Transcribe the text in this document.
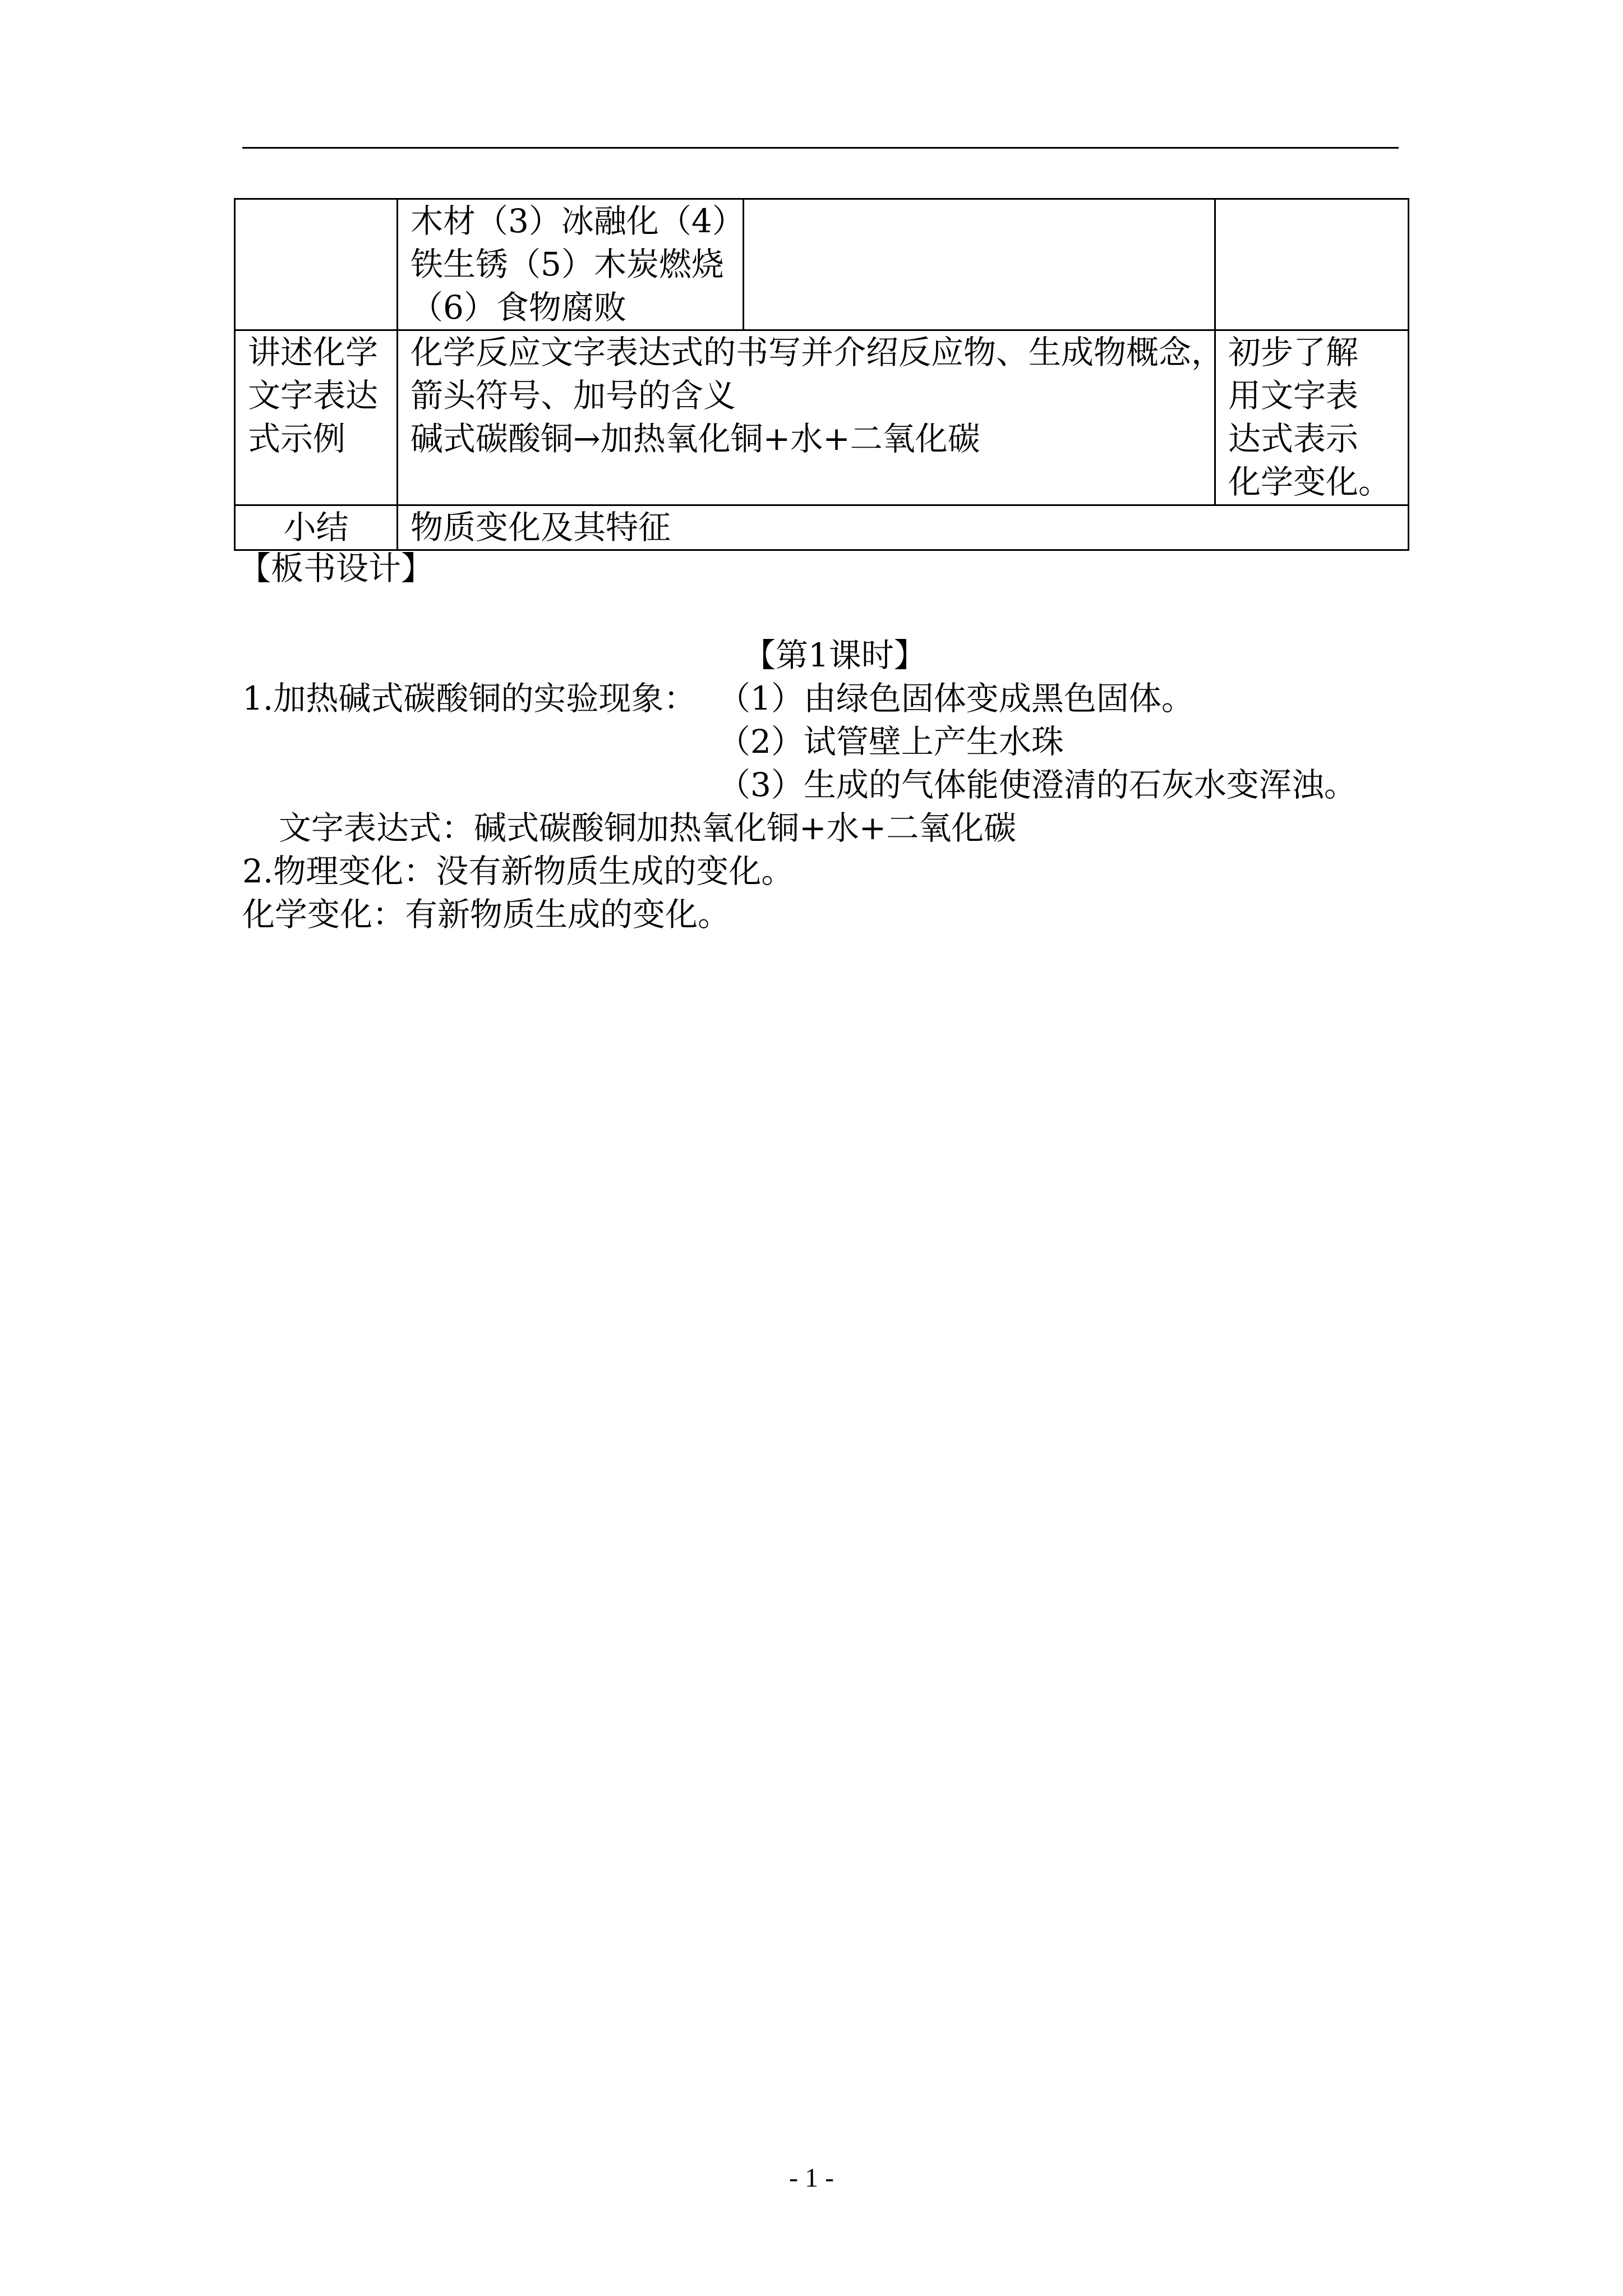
	木材（3）冰融化（4）
铁生锈（5）木炭燃烧
（6）食物腐败		

讲述化学
文字表达
式示例	化学反应文字表达式的书写并介绍反应物、生成物概念，
箭头符号、加号的含义
碱式碳酸铜→加热氧化铜+水+二氧化碳		初步了解
用文字表
达式表示
化学变化。

小结	物质变化及其特征		
【板书设计】
【第1课时】
1.加热碱式碳酸铜的实验现象： （1）由绿色固体变成黑色固体。
（2）试管壁上产生水珠
（3）生成的气体能使澄清的石灰水变浑浊。
文字表达式：碱式碳酸铜加热氧化铜+水+二氧化碳
2.物理变化：没有新物质生成的变化。
化学变化：有新物质生成的变化。
- 1 -
